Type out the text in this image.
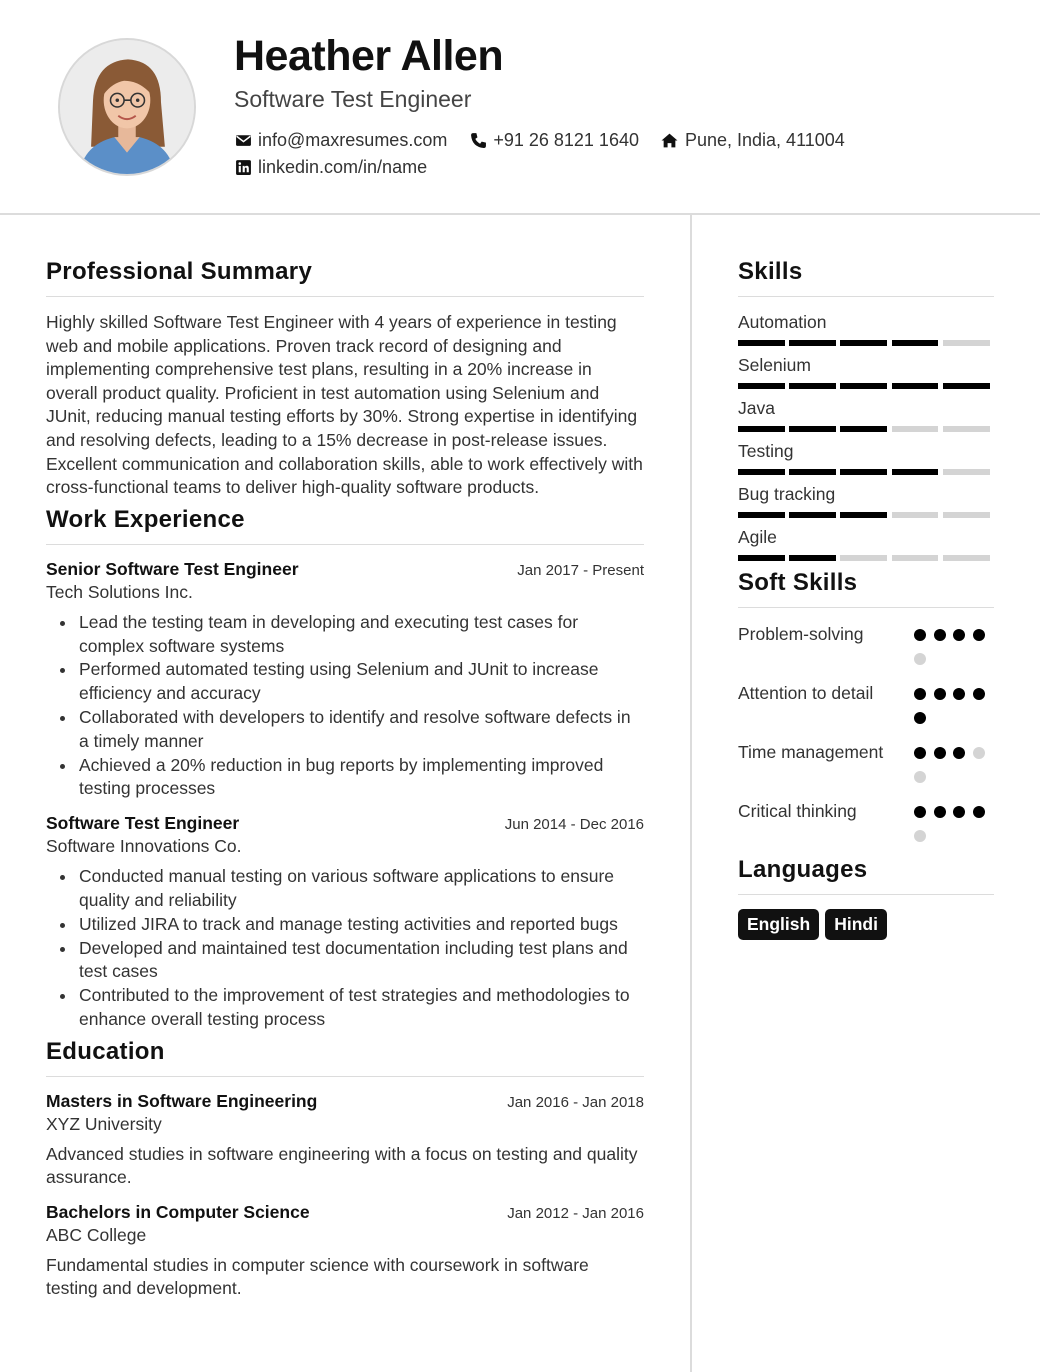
Heather Allen
Software Test Engineer
info@maxresumes.com	+91 26 8121 1640	Pune, India, 411004
linkedin.com/in/name
Professional Summary

Highly skilled Software Test Engineer with 4 years of experience in testing web and mobile applications. Proven track record of designing and implementing comprehensive test plans, resulting in a 20% increase in overall product quality. Proficient in test automation using Selenium and JUnit, reducing manual testing efforts by 30%. Strong expertise in identifying and resolving defects, leading to a 15% decrease in post-release issues. Excellent communication and collaboration skills, able to work effectively with cross-functional teams to deliver high-quality software products.

Work Experience
Senior Software Test Engineer	Jan 2017 - Present
Tech Solutions Inc.
Lead the testing team in developing and executing test cases for complex software systems
Performed automated testing using Selenium and JUnit to increase efficiency and accuracy
Collaborated with developers to identify and resolve software defects in a timely manner
Achieved a 20% reduction in bug reports by implementing improved testing processes
Software Test Engineer	Jun 2014 - Dec 2016
Software Innovations Co.
Conducted manual testing on various software applications to ensure quality and reliability
Utilized JIRA to track and manage testing activities and reported bugs
Developed and maintained test documentation including test plans and test cases
Contributed to the improvement of test strategies and methodologies to enhance overall testing process
Education
Masters in Software Engineering	Jan 2016 - Jan 2018
XYZ University

Advanced studies in software engineering with a focus on testing and quality assurance.

Bachelors in Computer Science	Jan 2012 - Jan 2016
ABC College

Fundamental studies in computer science with coursework in software testing and development.

Skills
Automation
Selenium
Java
Testing
Bug tracking
Agile
Soft Skills
Problem-solving
Attention to detail
Time management
Critical thinking
Languages
English	Hindi
